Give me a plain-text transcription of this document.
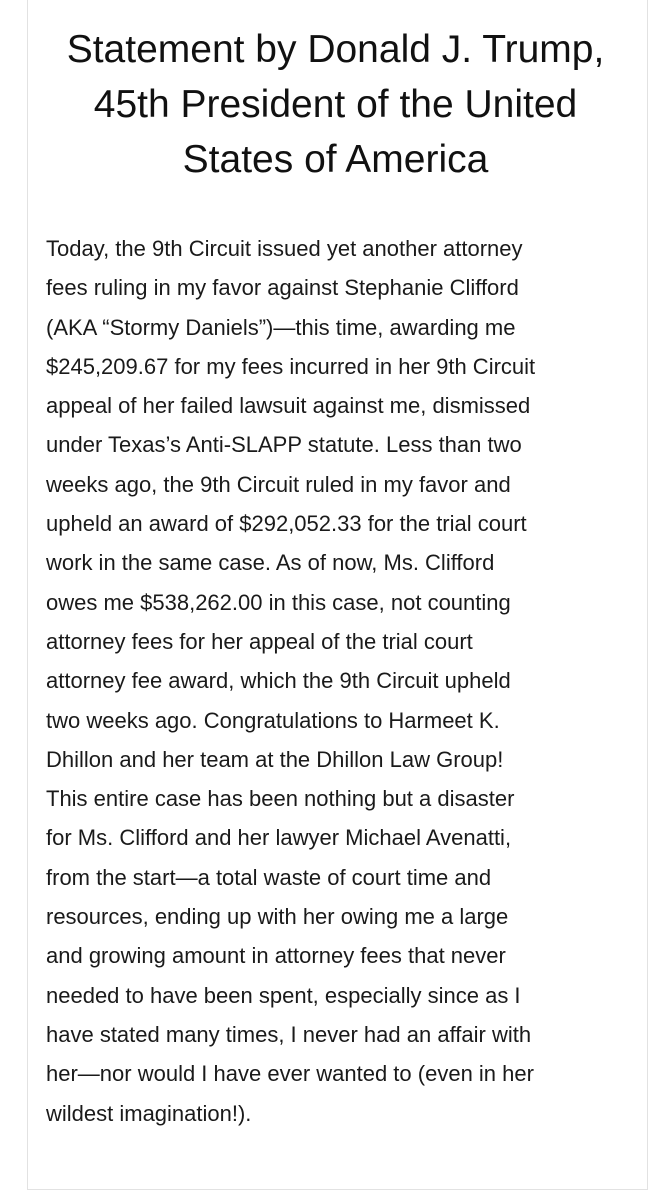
Statement by Donald J. Trump,
45th President of the United
States of America

Today, the 9th Circuit issued yet another attorney
fees ruling in my favor against Stephanie Clifford
(AKA “Stormy Daniels”)—this time, awarding me
$245,209.67 for my fees incurred in her 9th Circuit
appeal of her failed lawsuit against me, dismissed
under Texas’s Anti-SLAPP statute. Less than two
weeks ago, the 9th Circuit ruled in my favor and
upheld an award of $292,052.33 for the trial court
work in the same case. As of now, Ms. Clifford
owes me $538,262.00 in this case, not counting
attorney fees for her appeal of the trial court
attorney fee award, which the 9th Circuit upheld
two weeks ago. Congratulations to Harmeet K.
Dhillon and her team at the Dhillon Law Group!
This entire case has been nothing but a disaster
for Ms. Clifford and her lawyer Michael Avenatti,
from the start—a total waste of court time and
resources, ending up with her owing me a large
and growing amount in attorney fees that never
needed to have been spent, especially since as I
have stated many times, I never had an affair with
her—nor would I have ever wanted to (even in her
wildest imagination!).
